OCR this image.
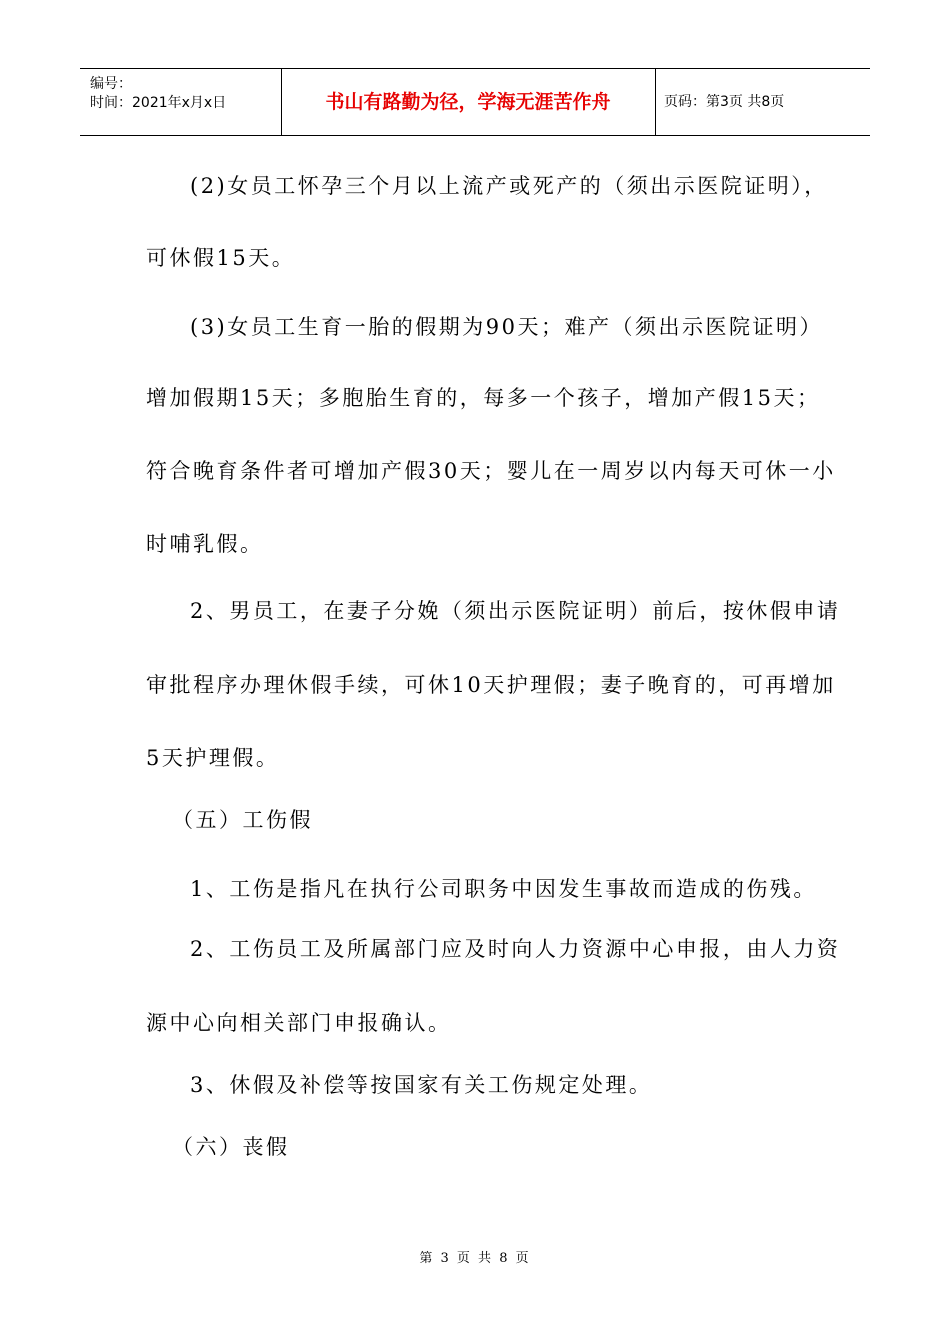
编号：
时间：2021年x月x日	书山有路勤为径，学海无涯苦作舟	页码：第3页 共8页
(2)女员工怀孕三个月以上流产或死产的（须出示医院证明），
可休假15天。
(3)女员工生育一胎的假期为90天；难产（须出示医院证明）
增加假期15天；多胞胎生育的，每多一个孩子，增加产假15天；
符合晚育条件者可增加产假30天；婴儿在一周岁以内每天可休一小
时哺乳假。
2、男员工，在妻子分娩（须出示医院证明）前后，按休假申请
审批程序办理休假手续，可休10天护理假；妻子晚育的，可再增加
5天护理假。
（五）工伤假
1、工伤是指凡在执行公司职务中因发生事故而造成的伤残。
2、工伤员工及所属部门应及时向人力资源中心申报，由人力资
源中心向相关部门申报确认。
3、休假及补偿等按国家有关工伤规定处理。
（六）丧假
第 3 页 共 8 页
